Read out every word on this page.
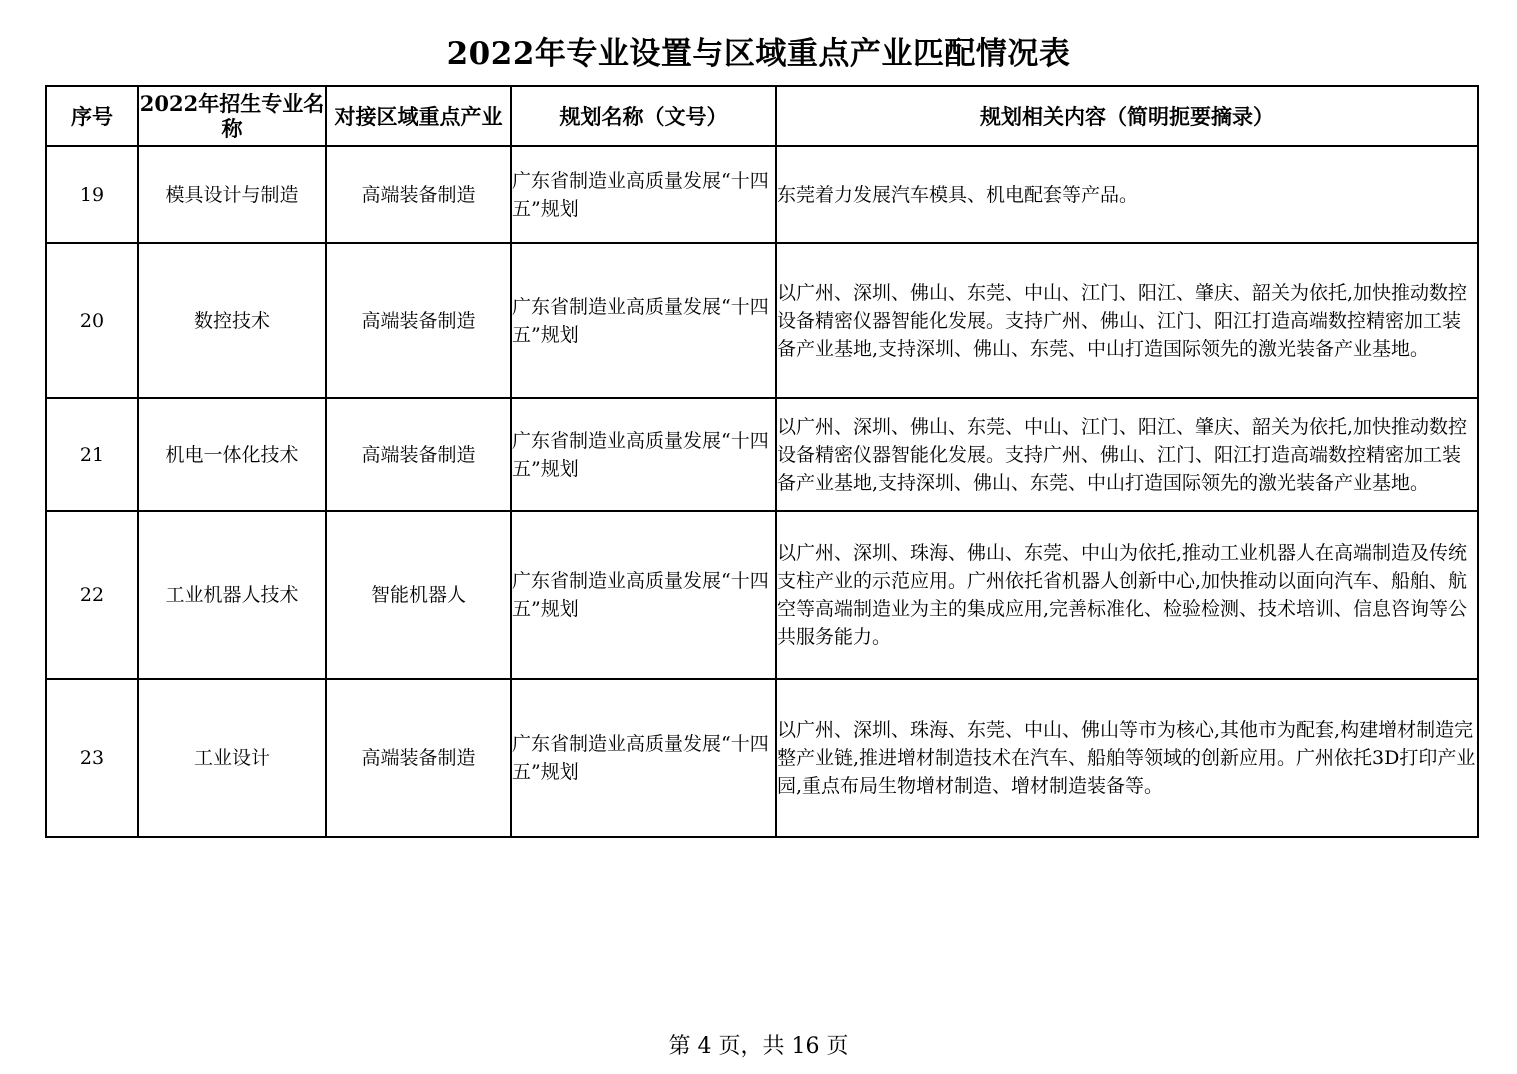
2022年专业设置与区域重点产业匹配情况表
序号	2022年招生专业名称	对接区域重点产业	规划名称（文号）	规划相关内容（简明扼要摘录）
19	模具设计与制造	高端装备制造	广东省制造业高质量发展“十四五”规划	东莞着力发展汽车模具、机电配套等产品。
20	数控技术	高端装备制造	广东省制造业高质量发展“十四五”规划	以广州、深圳、佛山、东莞、中山、江门、阳江、肇庆、韶关为依托,加快推动数控设备精密仪器智能化发展。支持广州、佛山、江门、阳江打造高端数控精密加工装备产业基地,支持深圳、佛山、东莞、中山打造国际领先的激光装备产业基地。
21	机电一体化技术	高端装备制造	广东省制造业高质量发展“十四五”规划	以广州、深圳、佛山、东莞、中山、江门、阳江、肇庆、韶关为依托,加快推动数控设备精密仪器智能化发展。支持广州、佛山、江门、阳江打造高端数控精密加工装备产业基地,支持深圳、佛山、东莞、中山打造国际领先的激光装备产业基地。
22	工业机器人技术	智能机器人	广东省制造业高质量发展“十四五”规划	以广州、深圳、珠海、佛山、东莞、中山为依托,推动工业机器人在高端制造及传统支柱产业的示范应用。广州依托省机器人创新中心,加快推动以面向汽车、船舶、航空等高端制造业为主的集成应用,完善标准化、检验检测、技术培训、信息咨询等公共服务能力。
23	工业设计	高端装备制造	广东省制造业高质量发展“十四五”规划	以广州、深圳、珠海、东莞、中山、佛山等市为核心,其他市为配套,构建增材制造完整产业链,推进增材制造技术在汽车、船舶等领域的创新应用。广州依托3D打印产业园,重点布局生物增材制造、增材制造装备等。
第 4 页，共 16 页
